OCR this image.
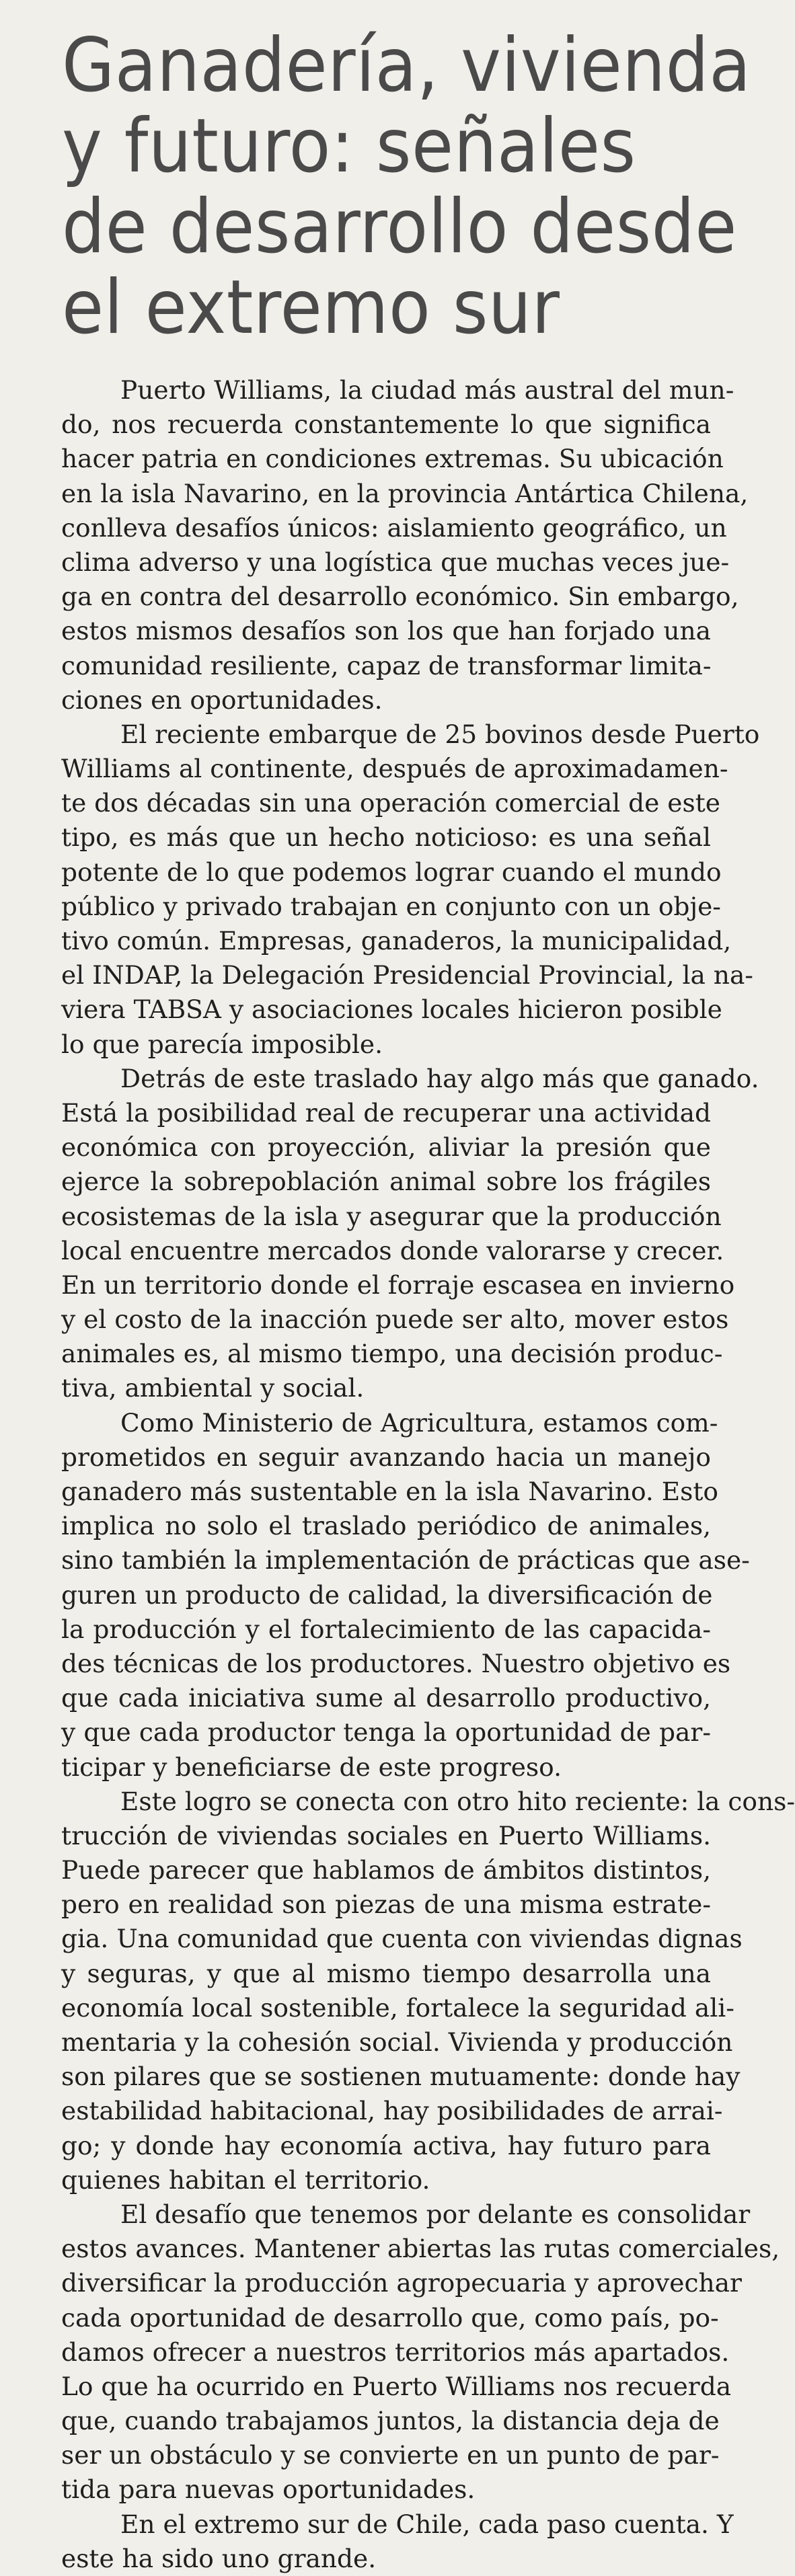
Ganadería, vivienda
y futuro: señales
de desarrollo desde
el extremo sur
Puerto Williams, la ciudad más austral del mun-
do, nos recuerda constantemente lo que significa
hacer patria en condiciones extremas. Su ubicación
en la isla Navarino, en la provincia Antártica Chilena,
conlleva desafíos únicos: aislamiento geográfico, un
clima adverso y una logística que muchas veces jue-
ga en contra del desarrollo económico. Sin embargo,
estos mismos desafíos son los que han forjado una
comunidad resiliente, capaz de transformar limita-
ciones en oportunidades.
El reciente embarque de 25 bovinos desde Puerto
Williams al continente, después de aproximadamen-
te dos décadas sin una operación comercial de este
tipo, es más que un hecho noticioso: es una señal
potente de lo que podemos lograr cuando el mundo
público y privado trabajan en conjunto con un obje-
tivo común. Empresas, ganaderos, la municipalidad,
el INDAP, la Delegación Presidencial Provincial, la na-
viera TABSA y asociaciones locales hicieron posible
lo que parecía imposible.
Detrás de este traslado hay algo más que ganado.
Está la posibilidad real de recuperar una actividad
económica con proyección, aliviar la presión que
ejerce la sobrepoblación animal sobre los frágiles
ecosistemas de la isla y asegurar que la producción
local encuentre mercados donde valorarse y crecer.
En un territorio donde el forraje escasea en invierno
y el costo de la inacción puede ser alto, mover estos
animales es, al mismo tiempo, una decisión produc-
tiva, ambiental y social.
Como Ministerio de Agricultura, estamos com-
prometidos en seguir avanzando hacia un manejo
ganadero más sustentable en la isla Navarino. Esto
implica no solo el traslado periódico de animales,
sino también la implementación de prácticas que ase-
guren un producto de calidad, la diversificación de
la producción y el fortalecimiento de las capacida-
des técnicas de los productores. Nuestro objetivo es
que cada iniciativa sume al desarrollo productivo,
y que cada productor tenga la oportunidad de par-
ticipar y beneficiarse de este progreso.
Este logro se conecta con otro hito reciente: la cons-
trucción de viviendas sociales en Puerto Williams.
Puede parecer que hablamos de ámbitos distintos,
pero en realidad son piezas de una misma estrate-
gia. Una comunidad que cuenta con viviendas dignas
y seguras, y que al mismo tiempo desarrolla una
economía local sostenible, fortalece la seguridad ali-
mentaria y la cohesión social. Vivienda y producción
son pilares que se sostienen mutuamente: donde hay
estabilidad habitacional, hay posibilidades de arrai-
go; y donde hay economía activa, hay futuro para
quienes habitan el territorio.
El desafío que tenemos por delante es consolidar
estos avances. Mantener abiertas las rutas comerciales,
diversificar la producción agropecuaria y aprovechar
cada oportunidad de desarrollo que, como país, po-
damos ofrecer a nuestros territorios más apartados.
Lo que ha ocurrido en Puerto Williams nos recuerda
que, cuando trabajamos juntos, la distancia deja de
ser un obstáculo y se convierte en un punto de par-
tida para nuevas oportunidades.
En el extremo sur de Chile, cada paso cuenta. Y
este ha sido uno grande.
